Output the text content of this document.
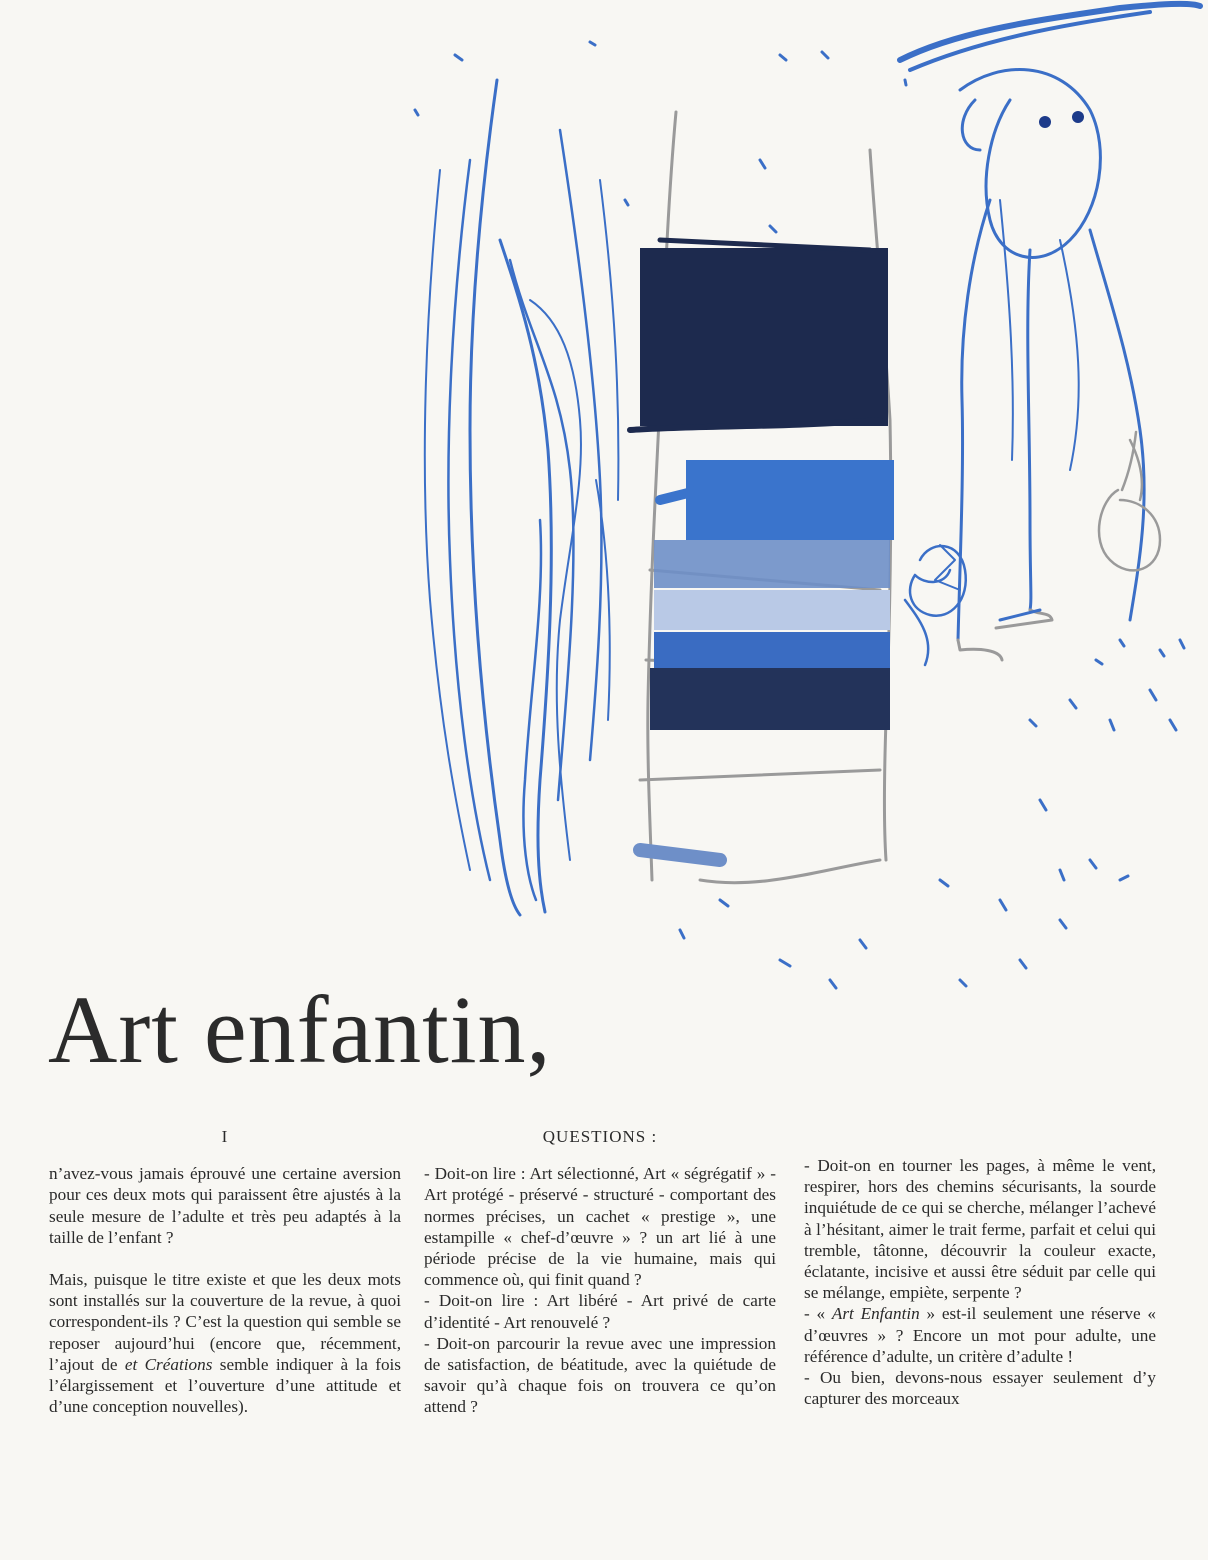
Art enfantin,

I

n’avez-vous jamais éprouvé une certaine aversion pour ces deux mots qui paraissent être ajustés à la seule mesure de l’adulte et très peu adaptés à la taille de l’enfant ?

Mais, puisque le titre existe et que les deux mots sont installés sur la couverture de la revue, à quoi correspondent-ils ? C’est la question qui semble se reposer aujourd’hui (encore que, récemment, l’ajout de et Créations semble indiquer à la fois l’élargissement et l’ouverture d’une attitude et d’une conception nouvelles).

QUESTIONS :

- Doit-on lire : Art sélectionné, Art « ségrégatif » - Art protégé - préservé - structuré - comportant des normes précises, un cachet « prestige », une estampille « chef-d’œuvre » ? un art lié à une période précise de la vie humaine, mais qui commence où, qui finit quand ?

- Doit-on lire : Art libéré - Art privé de carte d’identité - Art renouvelé ?

- Doit-on parcourir la revue avec une impression de satisfaction, de béatitude, avec la quiétude de savoir qu’à chaque fois on trouvera ce qu’on attend ?

- Doit-on en tourner les pages, à même le vent, respirer, hors des chemins sécurisants, la sourde inquiétude de ce qui se cherche, mélanger l’achevé à l’hésitant, aimer le trait ferme, parfait et celui qui tremble, tâtonne, découvrir la couleur exacte, éclatante, incisive et aussi être séduit par celle qui se mélange, empiète, serpente ?

- « Art Enfantin » est-il seulement une réserve « d’œuvres » ? Encore un mot pour adulte, une référence d’adulte, un critère d’adulte !

- Ou bien, devons-nous essayer seulement d’y capturer des morceaux
